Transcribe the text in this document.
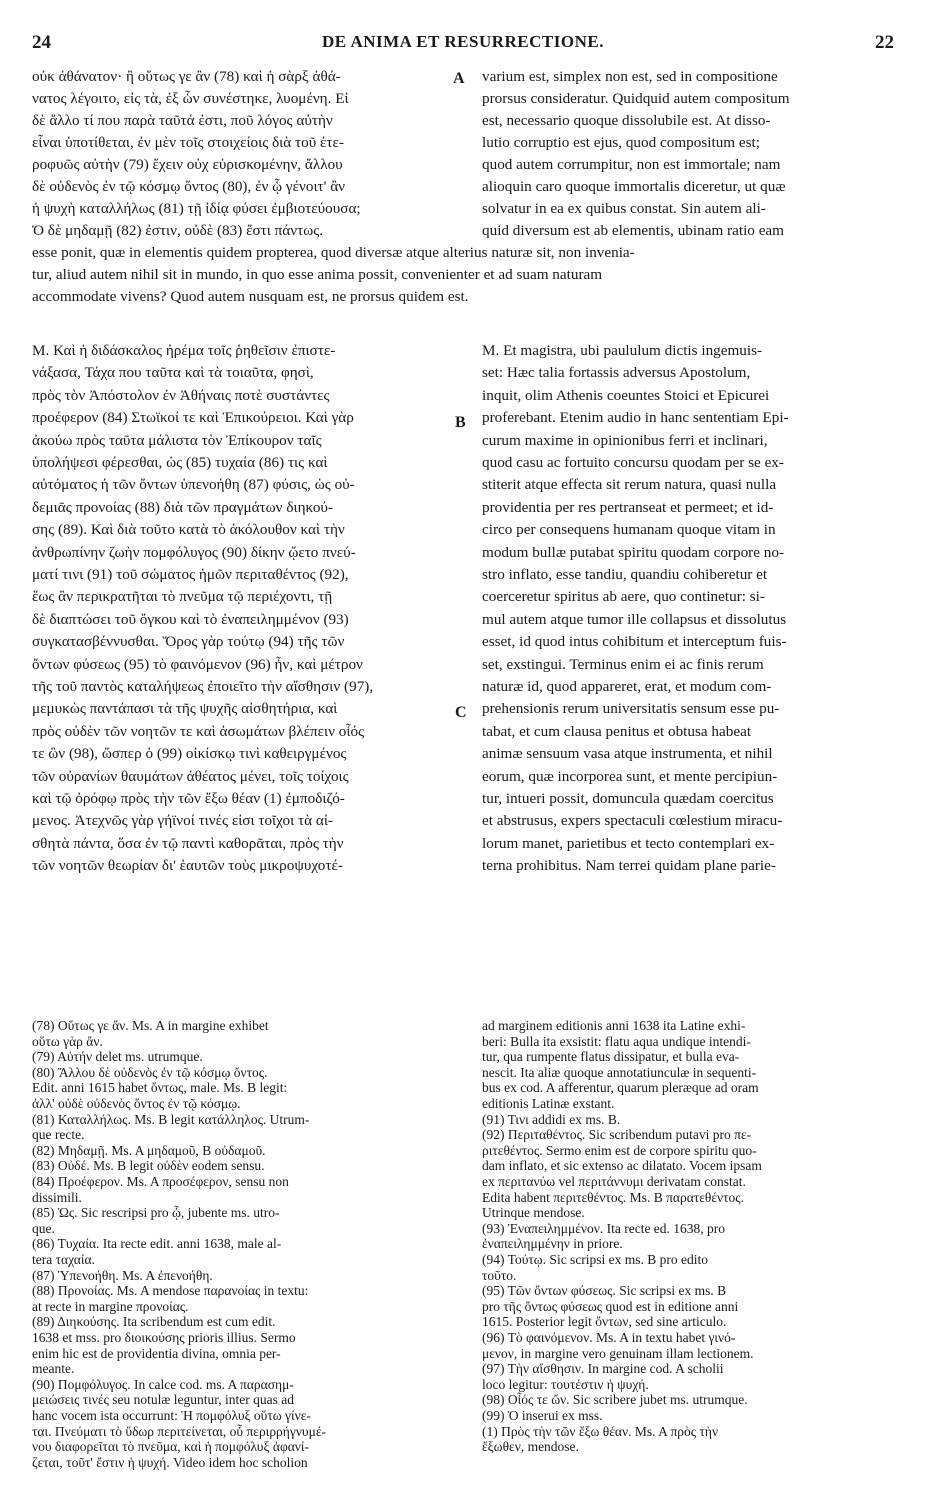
24	DE ANIMA ET RESURRECTIONE.	22
A
B
C
οὐκ ἀθάνατον· ἢ οὕτως γε ἂν (78) καὶ ἡ σὰρξ ἀθά-
νατος λέγοιτο, εἰς τὰ, ἐξ ὧν συνέστηκε, λυομένη. Εἰ
δὲ ἄλλο τί που παρὰ ταῦτά ἐστι, ποῦ λόγος αὐτὴν
εἶναι ὑποτίθεται, ἐν μὲν τοῖς στοιχείοις διὰ τοῦ ἑτε-
ροφυῶς αὐτὴν (79) ἔχειν οὐχ εὑρισκομένην, ἄλλου
δὲ οὐδενὸς ἐν τῷ κόσμῳ ὄντος (80), ἐν ᾧ γένοιτ' ἂν
ἡ ψυχὴ καταλλήλως (81) τῇ ἰδίᾳ φύσει ἐμβιοτεύουσα;
Ὁ δὲ μηδαμῇ (82) ἐστιν, οὐδὲ (83) ἔστι πάντως.
varium est, simplex non est, sed in compositione
prorsus consideratur. Quidquid autem compositum
est, necessario quoque dissolubile est. At disso-
lutio corruptio est ejus, quod compositum est;
quod autem corrumpitur, non est immortale; nam
alioquin caro quoque immortalis diceretur, ut quæ
solvatur in ea ex quibus constat. Sin autem ali-
quid diversum est ab elementis, ubinam ratio eam
esse ponit, quæ in elementis quidem propterea, quod diversæ atque alterius naturæ sit, non invenia-
tur, aliud autem nihil sit in mundo, in quo esse anima possit, convenienter et ad suam naturam
accommodate vivens? Quod autem nusquam est, ne prorsus quidem est.
Μ. Καὶ ἡ διδάσκαλος ἠρέμα τοῖς ῥηθεῖσιν ἐπιστε-
νάξασα, Τάχα που ταῦτα καὶ τὰ τοιαῦτα, φησὶ,
πρὸς τὸν Ἀπόστολον ἐν Ἀθήναις ποτὲ συστάντες
προέφερον (84) Στωϊκοί τε καὶ Ἐπικούρειοι. Καὶ γὰρ
ἀκούω πρὸς ταῦτα μάλιστα τὸν Ἐπίκουρον ταῖς
ὑπολήψεσι φέρεσθαι, ὡς (85) τυχαία (86) τις καὶ
αὐτόματος ἡ τῶν ὄντων ὑπενοήθη (87) φύσις, ὡς οὐ-
δεμιᾶς προνοίας (88) διὰ τῶν πραγμάτων διηκού-
σης (89). Καὶ διὰ τοῦτο κατὰ τὸ ἀκόλουθον καὶ τὴν
ἀνθρωπίνην ζωὴν πομφόλυγος (90) δίκην ᾤετο πνεύ-
ματί τινι (91) τοῦ σώματος ἡμῶν περιταθέντος (92),
ἕως ἂν περικρατῆται τὸ πνεῦμα τῷ περιέχοντι, τῇ
δὲ διαπτώσει τοῦ ὄγκου καὶ τὸ ἐναπειλημμένον (93)
συγκατασβέννυσθαι. Ὅρος γὰρ τούτῳ (94) τῆς τῶν
ὄντων φύσεως (95) τὸ φαινόμενον (96) ἦν, καὶ μέτρον
τῆς τοῦ παντὸς καταλήψεως ἐποιεῖτο τὴν αἴσθησιν (97),
μεμυκὼς παντάπασι τὰ τῆς ψυχῆς αἰσθητήρια, καὶ
πρὸς οὐδὲν τῶν νοητῶν τε καὶ ἀσωμάτων βλέπειν οἷός
τε ὢν (98), ὥσπερ ὁ (99) οἰκίσκῳ τινὶ καθειργμένος
τῶν οὐρανίων θαυμάτων ἀθέατος μένει, τοῖς τοίχοις
καὶ τῷ ὀρόφῳ πρὸς τὴν τῶν ἔξω θέαν (1) ἐμποδιζό-
μενος. Ἀτεχνῶς γὰρ γήϊνοί τινές εἰσι τοῖχοι τὰ αἰ-
σθητὰ πάντα, ὅσα ἐν τῷ παντὶ καθορᾶται, πρὸς τὴν
τῶν νοητῶν θεωρίαν δι' ἑαυτῶν τοὺς μικροψυχοτέ-
M. Et magistra, ubi paululum dictis ingemuis-
set: Hæc talia fortassis adversus Apostolum,
inquit, olim Athenis coeuntes Stoici et Epicurei
proferebant. Etenim audio in hanc sententiam Epi-
curum maxime in opinionibus ferri et inclinari,
quod casu ac fortuito concursu quodam per se ex-
stiterit atque effecta sit rerum natura, quasi nulla
providentia per res pertranseat et permeet; et id-
circo per consequens humanam quoque vitam in
modum bullæ putabat spiritu quodam corpore no-
stro inflato, esse tandiu, quandiu cohiberetur et
coerceretur spiritus ab aere, quo continetur: si-
mul autem atque tumor ille collapsus et dissolutus
esset, id quod intus cohibitum et interceptum fuis-
set, exstingui. Terminus enim ei ac finis rerum
naturæ id, quod appareret, erat, et modum com-
prehensionis rerum universitatis sensum esse pu-
tabat, et cum clausa penitus et obtusa habeat
animæ sensuum vasa atque instrumenta, et nihil
eorum, quæ incorporea sunt, et mente percipiun-
tur, intueri possit, domuncula quædam coercitus
et abstrusus, expers spectaculi cœlestium miracu-
lorum manet, parietibus et tecto contemplari ex-
terna prohibitus. Nam terrei quidam plane parie-
(78) Οὕτως γε ἄν. Ms. A in margine exhibet
οὕτω γὰρ ἄν.
(79) Αὐτήν delet ms. utrumque.
(80) Ἄλλου δὲ οὐδενὸς ἐν τῷ κόσμῳ ὄντος.
Edit. anni 1615 habet ὄντως, male. Ms. B legit:
ἀλλ' οὐδὲ οὐδενὸς ὄντος ἐν τῷ κόσμῳ.
(81) Καταλλήλως. Ms. B legit κατάλληλος. Utrum-
que recte.
(82) Μηδαμῇ. Ms. A μηδαμοῦ, B οὐδαμοῦ.
(83) Οὐδέ. Ms. B legit οὐδὲν eodem sensu.
(84) Προέφερον. Ms. A προσέφερον, sensu non
dissimili.
(85) Ὡς. Sic rescripsi pro ᾧ, jubente ms. utro-
que.
(86) Τυχαία. Ita recte edit. anni 1638, male al-
tera ταχαία.
(87) Ὑπενοήθη. Ms. A ἐπενοήθη.
(88) Προνοίας. Ms. A mendose παρανοίας in textu:
at recte in margine προνοίας.
(89) Διηκούσης. Ita scribendum est cum edit.
1638 et mss. pro διοικούσης prioris illius. Sermo
enim hic est de providentia divina, omnia per-
meante.
(90) Πομφόλυγος. In calce cod. ms. A παρασημ-
μειώσεις τινές seu notulæ leguntur, inter quas ad
hanc vocem ista occurrunt: Ἡ πομφόλυξ οὕτω γίνε-
ται. Πνεύματι τὸ ὕδωρ περιτείνεται, οὗ περιρρήγνυμέ-
νου διαφορεῖται τὸ πνεῦμα, καὶ ἡ πομφόλυξ ἀφανί-
ζεται, τοῦτ' ἔστιν ἡ ψυχή. Video idem hoc scholion
ad marginem editionis anni 1638 ita Latine exhi-
beri: Bulla ita exsistit: flatu aqua undique intendi-
tur, qua rumpente flatus dissipatur, et bulla eva-
nescit. Ita aliæ quoque annotatiunculæ in sequenti-
bus ex cod. A afferentur, quarum pleræque ad oram
editionis Latinæ exstant.
(91) Τινι addidi ex ms. B.
(92) Περιταθέντος. Sic scribendum putavi pro πε-
ριτεθέντος. Sermo enim est de corpore spiritu quo-
dam inflato, et sic extenso ac dilatato. Vocem ipsam
ex περιτανύω vel περιτάννυμι derivatam constat.
Edita habent περιτεθέντος. Ms. B παρατεθέντος.
Utrinque mendose.
(93) Ἐναπειλημμένον. Ita recte ed. 1638, pro
ἐναπειλημμένην in priore.
(94) Τούτῳ. Sic scripsi ex ms. B pro edito
τοῦτο.
(95) Τῶν ὄντων φύσεως. Sic scripsi ex ms. B
pro τῆς ὄντως φύσεως quod est in editione anni
1615. Posterior legit ὄντων, sed sine articulo.
(96) Τὸ φαινόμενον. Ms. A in textu habet γινό-
μενον, in margine vero genuinam illam lectionem.
(97) Τὴν αἴσθησιν. In margine cod. A scholii
loco legitur: τουτέστιν ἡ ψυχή.
(98) Οἷός τε ὤν. Sic scribere jubet ms. utrumque.
(99) Ὁ inserui ex mss.
(1) Πρὸς τὴν τῶν ἔξω θέαν. Ms. A πρὸς τὴν
ἔξωθεν, mendose.
